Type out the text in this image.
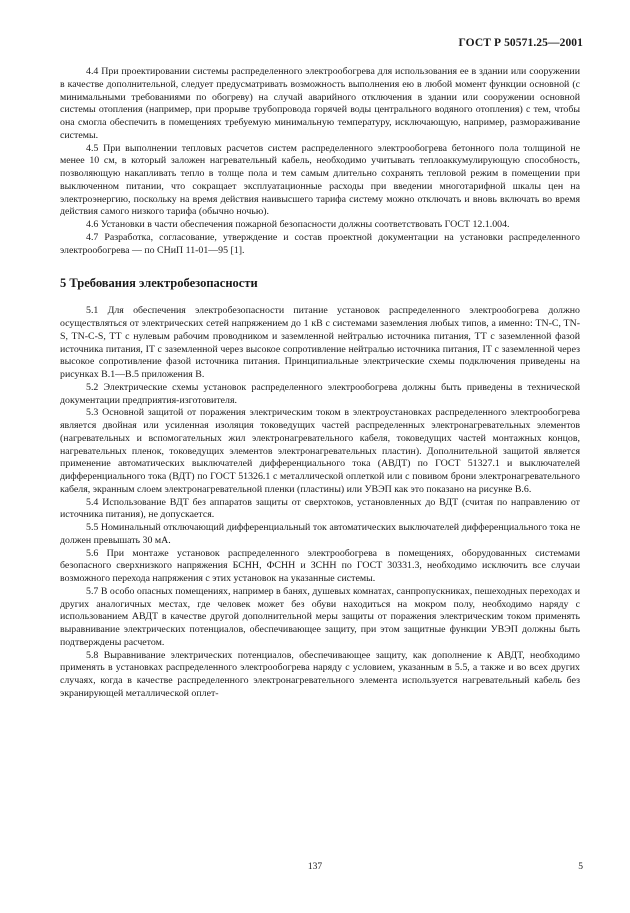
ГОСТ Р 50571.25—2001

4.4 При проектировании системы распределенного электрообогрева для использования ее в здании или сооружении в качестве дополнительной, следует предусматривать возможность выполнения ею в любой момент функции основной (с минимальными требованиями по обогреву) на случай аварийного отключения в здании или сооружении основной системы отопления (например, при прорыве трубопровода горячей воды центрального водяного отопления) с тем, чтобы она смогла обеспечить в помещениях требуемую минимальную температуру, исключающую, например, размораживание системы.

4.5 При выполнении тепловых расчетов систем распределенного электрообогрева бетонного пола толщиной не менее 10 см, в который заложен нагревательный кабель, необходимо учитывать теплоаккумулирующую способность, позволяющую накапливать тепло в толще пола и тем самым длительно сохранять тепловой режим в помещении при выключенном питании, что сокращает эксплуатационные расходы при введении многотарифной шкалы цен на электроэнергию, поскольку на время действия наивысшего тарифа систему можно отключать и вновь включать во время действия самого низкого тарифа (обычно ночью).

4.6 Установки в части обеспечения пожарной безопасности должны соответствовать ГОСТ 12.1.004.

4.7 Разработка, согласование, утверждение и состав проектной документации на установки распределенного электрообогрева — по СНиП 11-01—95 [1].

5 Требования электробезопасности

5.1 Для обеспечения электробезопасности питание установок распределенного электрообогрева должно осуществляться от электрических сетей напряжением до 1 кВ с системами заземления любых типов, а именно: TN-C, TN-S, TN-C-S, TT с нулевым рабочим проводником и заземленной нейтралью источника питания, TT с заземленной фазой источника питания, IT с заземленной через высокое сопротивление нейтралью источника питания, IT с заземленной через высокое сопротивление фазой источника питания. Принципиальные электрические схемы подключения приведены на рисунках В.1—В.5 приложения В.

5.2 Электрические схемы установок распределенного электрообогрева должны быть приведены в технической документации предприятия-изготовителя.

5.3 Основной защитой от поражения электрическим током в электроустановках распределенного электрообогрева является двойная или усиленная изоляция токоведущих частей распределенных электронагревательных элементов (нагревательных и вспомогательных жил электронагревательного кабеля, токоведущих частей монтажных концов, нагревательных пленок, токоведущих элементов электронагревательных пластин). Дополнительной защитой является применение автоматических выключателей дифференциального тока (АВДТ) по ГОСТ 51327.1 и выключателей дифференциального тока (ВДТ) по ГОСТ 51326.1 с металлической оплеткой или с повивом брони электронагревательного кабеля, экранным слоем электронагревательной пленки (пластины) или УВЭП как это показано на рисунке В.6.

5.4 Использование ВДТ без аппаратов защиты от сверхтоков, установленных до ВДТ (считая по направлению от источника питания), не допускается.

5.5 Номинальный отключающий дифференциальный ток автоматических выключателей дифференциального тока не должен превышать 30 мА.

5.6 При монтаже установок распределенного электрообогрева в помещениях, оборудованных системами безопасного сверхнизкого напряжения БСНН, ФСНН и ЗСНН по ГОСТ 30331.3, необходимо исключить все случаи возможного перехода напряжения с этих установок на указанные системы.

5.7 В особо опасных помещениях, например в банях, душевых комнатах, санпропускниках, пешеходных переходах и других аналогичных местах, где человек может без обуви находиться на мокром полу, необходимо наряду с использованием АВДТ в качестве другой дополнительной меры защиты от поражения электрическим током применять выравнивание электрических потенциалов, обеспечивающее защиту, при этом защитные функции УВЭП должны быть подтверждены расчетом.

5.8 Выравнивание электрических потенциалов, обеспечивающее защиту, как дополнение к АВДТ, необходимо применять в установках распределенного электрообогрева наряду с условием, указанным в 5.5, а также и во всех других случаях, когда в качестве распределенного электронагревательного элемента используется нагревательный кабель без экранирующей металлической оплет-

137	5
